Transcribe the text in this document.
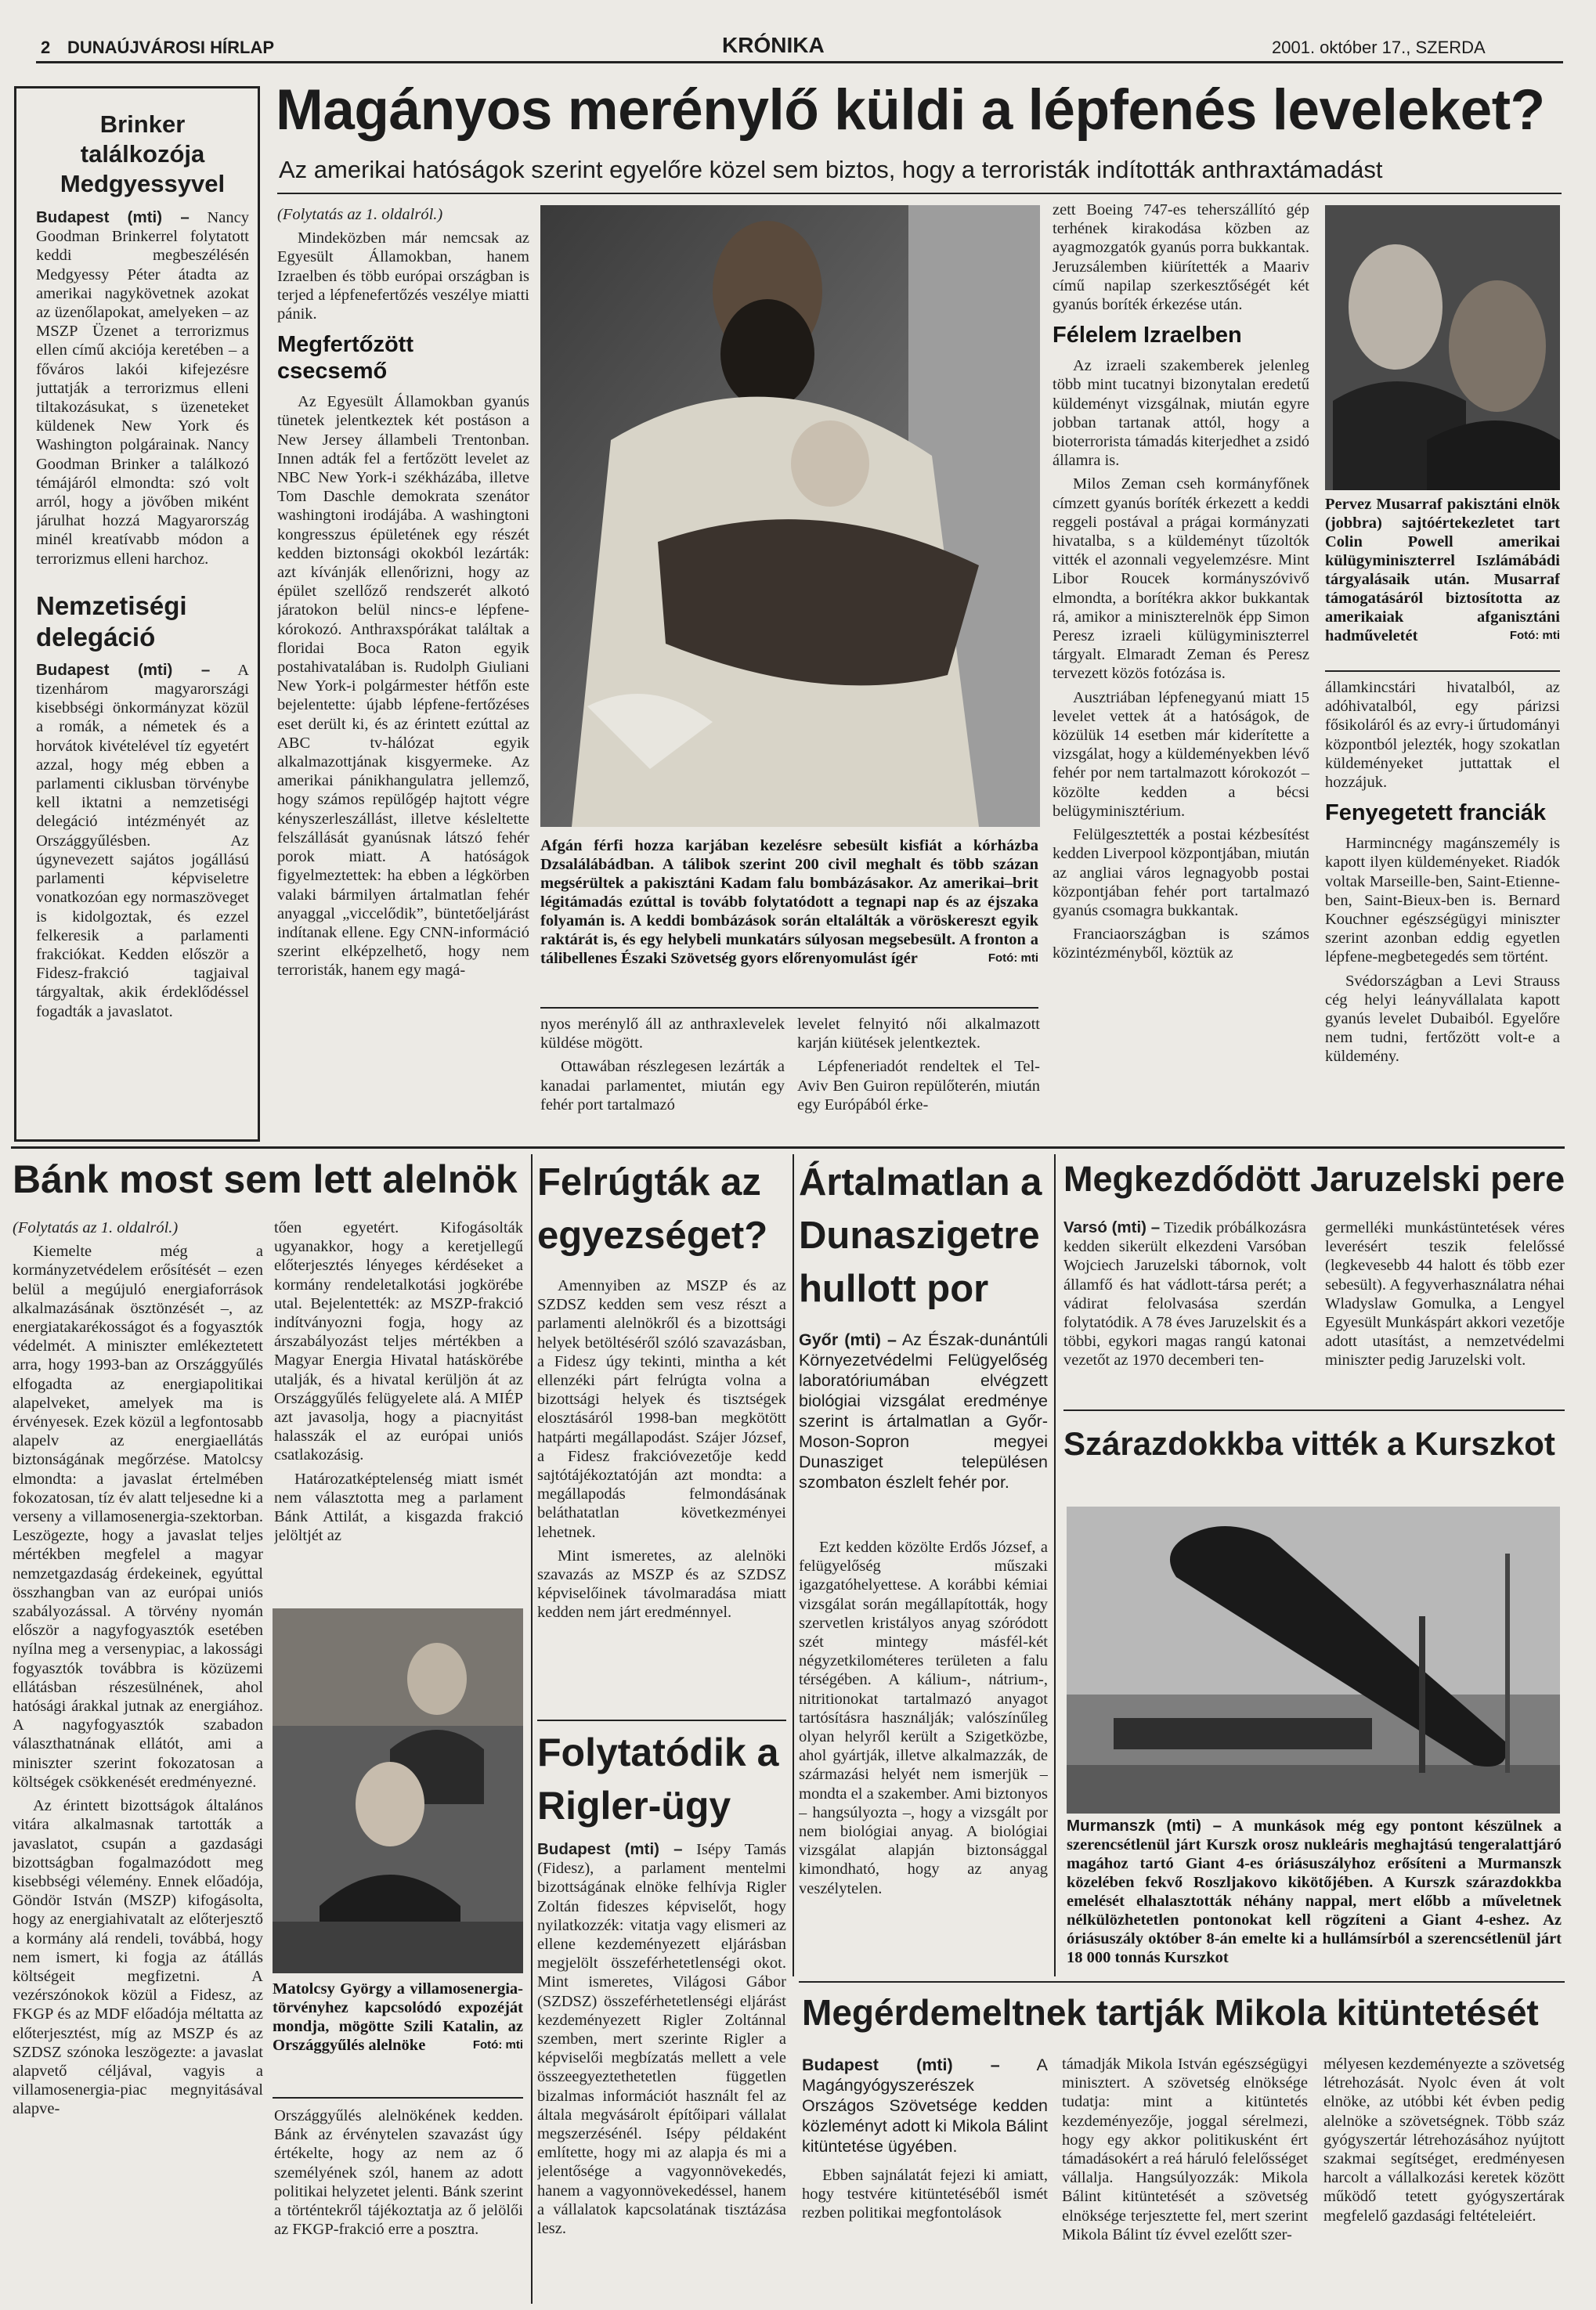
2 DUNAÚJVÁROSI HÍRLAP	KRÓNIKA	2001. október 17., SZERDA
Brinker találkozója Medgyessyvel

Budapest (mti) – Nancy Goodman Brinkerrel folytatott keddi megbeszélésén Medgyessy Péter átadta az amerikai nagykövetnek azokat az üzenőlapokat, amelyeken – az MSZP Üzenet a terrorizmus ellen című akciója keretében – a főváros lakói kifejezésre juttatják a terrorizmus elleni tiltakozásukat, s üzeneteket küldenek New York és Washington polgárainak. Nancy Goodman Brinker a találkozó témájáról elmondta: szó volt arról, hogy a jövőben miként járulhat hozzá Magyarország minél kreatívabb módon a terrorizmus elleni harchoz.

Nemzetiségi delegáció

Budapest (mti) – A tizenhárom magyarországi kisebbségi önkormányzat közül a romák, a németek és a horvátok kivételével tíz egyetért azzal, hogy még ebben a parlamenti ciklusban törvénybe kell iktatni a nemzetiségi delegáció intézményét az Országgyűlésben. Az úgynevezett sajátos jogállású parlamenti képviseletre vonatkozóan egy normaszöveget is kidolgoztak, és ezzel felkeresik a parlamenti frakciókat. Kedden először a Fidesz-frakció tagjaival tárgyaltak, akik érdeklődéssel fogadták a javaslatot.

Magányos merénylő küldi a lépfenés leveleket?
Az amerikai hatóságok szerint egyelőre közel sem biztos, hogy a terroristák indították anthraxtámadást

(Folytatás az 1. oldalról.)

Mindeközben már nemcsak az Egyesült Államokban, hanem Izraelben és több európai országban is terjed a lépfenefertőzés veszélye miatti pánik.

Megfertőzött csecsemő

Az Egyesült Államokban gyanús tünetek jelentkeztek két postáson a New Jersey állambeli Trentonban. Innen adták fel a fertőzött levelet az NBC New York-i székházába, illetve Tom Daschle demokrata szenátor washingtoni irodájába. A washingtoni kongresszus épületének egy részét kedden biztonsági okokból lezárták: azt kívánják ellenőrizni, hogy az épület szellőző rendszerét alkotó járatokon belül nincs-e lépfene-kórokozó. Anthraxspórákat találtak a floridai Boca Raton egyik postahivatalában is. Rudolph Giuliani New York-i polgármester hétfőn este bejelentette: újabb lépfene-fertőzéses eset derült ki, és az érintett ezúttal az ABC tv-hálózat egyik alkalmazottjának kisgyermeke. Az amerikai pánikhangulatra jellemző, hogy számos repülőgép hajtott végre kényszerleszállást, illetve késleltette felszállását gyanúsnak látszó fehér porok miatt. A hatóságok figyelmeztettek: ha ebben a légkörben valaki bármilyen ártalmatlan fehér anyaggal „viccelődik”, büntetőeljárást indítanak ellene. Egy CNN-információ szerint elképzelhető, hogy nem terroristák, hanem egy magá-

Afgán férfi hozza karjában kezelésre sebesült kisfiát a kórházba Dzsalálábádban. A tálibok szerint 200 civil meghalt és több százan megsérültek a pakisztáni Kadam falu bombázásakor. Az amerikai–brit légitámadás ezúttal is tovább folytatódott a tegnapi nap és az éjszaka folyamán is. A keddi bombázások során eltalálták a vöröskereszt egyik raktárát is, és egy helybeli munkatárs súlyosan megsebesült. A fronton a tálibellenes Északi Szövetség gyors előrenyomulást ígér	Fotó: mti

nyos merénylő áll az anthraxlevelek küldése mögött.

Ottawában részlegesen lezárták a kanadai parlamentet, miután egy fehér port tartalmazó

levelet felnyitó női alkalmazott karján kiütések jelentkeztek.

Lépfeneriadót rendeltek el Tel-Aviv Ben Guiron repülőterén, miután egy Európából érke-

zett Boeing 747-es teherszállító gép terhének kirakodása közben az ayagmozgatók gyanús porra bukkantak. Jeruzsálemben kiürítették a Maariv című napilap szerkesztőségét két gyanús boríték érkezése után.

Félelem Izraelben

Az izraeli szakemberek jelenleg több mint tucatnyi bizonytalan eredetű küldeményt vizsgálnak, miután egyre jobban tartanak attól, hogy a bioterrorista támadás kiterjedhet a zsidó államra is.

Milos Zeman cseh kormányfőnek címzett gyanús boríték érkezett a keddi reggeli postával a prágai kormányzati hivatalba, s a küldeményt tűzoltók vitték el azonnali vegyelemzésre. Mint Libor Roucek kormányszóvivő elmondta, a borítékra akkor bukkantak rá, amikor a miniszterelnök épp Simon Peresz izraeli külügyminiszterrel tárgyalt. Elmaradt Zeman és Peresz tervezett közös fotózása is.

Ausztriában lépfenegyanú miatt 15 levelet vettek át a hatóságok, de közülük 14 esetben már kiderítette a vizsgálat, hogy a küldeményekben lévő fehér por nem tartalmazott kórokozót – közölte kedden a bécsi belügyminisztérium.

Felülgesztették a postai kézbesítést kedden Liverpool központjában, miután az angliai város legnagyobb postai központjában fehér port tartalmazó gyanús csomagra bukkantak.

Franciaországban is számos közintézményből, köztük az

Pervez Musarraf pakisztáni elnök (jobbra) sajtóértekezletet tart Colin Powell amerikai külügyminiszterrel Iszlámábádi tárgyalásaik után. Musarraf támogatásáról biztosította az amerikaiak afganisztáni hadműveletét	Fotó: mti

államkincstári hivatalból, az adóhivatalból, egy párizsi fősikoláról és az evry-i űrtudományi központból jelezték, hogy szokatlan küldeményeket juttattak el hozzájuk.

Fenyegetett franciák

Harmincnégy magánszemély is kapott ilyen küldeményeket. Riadók voltak Marseille-ben, Saint-Etienne-ben, Saint-Bieux-ben is. Bernard Kouchner egészségügyi miniszter szerint azonban eddig egyetlen lépfene-megbetegedés sem történt.

Svédországban a Levi Strauss cég helyi leányvállalata kapott gyanús levelet Dubaiból. Egyelőre nem tudni, fertőzött volt-e a küldemény.

Bánk most sem lett alelnök

(Folytatás az 1. oldalról.)

Kiemelte még a kormányzetvédelem erősítését – ezen belül a megújuló energiaforrások alkalmazásának ösztönzését –, az energiatakarékosságot és a fogyasztók védelmét. A miniszter emlékeztetett arra, hogy 1993-ban az Országgyűlés elfogadta az energiapolitikai alapelveket, amelyek ma is érvényesek. Ezek közül a legfontosabb alapelv az energiaellátás biztonságának megőrzése. Matolcsy elmondta: a javaslat értelmében fokozatosan, tíz év alatt teljesedne ki a verseny a villamosenergia-szektorban. Leszögezte, hogy a javaslat teljes mértékben megfelel a magyar nemzetgazdaság érdekeinek, egyúttal összhangban van az európai uniós szabályozással. A törvény nyomán először a nagyfogyasztók esetében nyílna meg a versenypiac, a lakossági fogyasztók továbbra is közüzemi ellátásban részesülnének, ahol hatósági árakkal jutnak az energiához. A nagyfogyasztók szabadon választhatnának ellátót, ami a miniszter szerint fokozatosan a költségek csökkenését eredményezné.

Az érintett bizottságok általános vitára alkalmasnak tartották a javaslatot, csupán a gazdasági bizottságban fogalmazódott meg kisebbségi vélemény. Ennek előadója, Göndör István (MSZP) kifogásolta, hogy az energiahivatalt az előterjesztő a kormány alá rendeli, továbbá, hogy nem ismert, ki fogja az átállás költségeit megfizetni. A vezérszónokok közül a Fidesz, az FKGP és az MDF előadója méltatta az előterjesztést, míg az MSZP és az SZDSZ szónoka leszögezte: a javaslat alapvető céljával, vagyis a villamosenergia-piac megnyitásával alapve-

tően egyetért. Kifogásolták ugyanakkor, hogy a keretjellegű előterjesztés lényeges kérdéseket a kormány rendeletalkotási jogkörébe utal. Bejelentették: az MSZP-frakció indítványozni fogja, hogy az árszabályozást teljes mértékben a Magyar Energia Hivatal hatáskörébe utalják, és a hivatal kerüljön át az Országgyűlés felügyelete alá. A MIÉP azt javasolja, hogy a piacnyitást halasszák el az európai uniós csatlakozásig.

Határozatképtelenség miatt ismét nem választotta meg a parlament Bánk Attilát, a kisgazda frakció jelöltjét az

Matolcsy György a villamosenergia-törvényhez kapcsolódó expozéját mondja, mögötte Szili Katalin, az Országgyűlés alelnöke	Fotó: mti

Országgyűlés alelnökének kedden. Bánk az érvénytelen szavazást úgy értékelte, hogy az nem az ő személyének szól, hanem az adott politikai helyzetet jelenti. Bánk szerint a történtekről tájékoztatja az ő jelölői az FKGP-frakció erre a posztra.

Felrúgták az egyezséget?

Amennyiben az MSZP és az SZDSZ kedden sem vesz részt a parlamenti alelnökről és a bizottsági helyek betöltéséről szóló szavazásban, a Fidesz úgy tekinti, mintha a két ellenzéki párt felrúgta volna a bizottsági helyek és tisztségek elosztásáról 1998-ban megkötött hatpárti megállapodást. Szájer József, a Fidesz frakcióvezetője kedd sajtótájékoztatóján azt mondta: a megállapodás felmondásának beláthatatlan következményei lehetnek.

Mint ismeretes, az alelnöki szavazás az MSZP és az SZDSZ képviselőinek távolmaradása miatt kedden nem járt eredménnyel.

Folytatódik a Rigler-ügy

Budapest (mti) – Isépy Tamás (Fidesz), a parlament mentelmi bizottságának elnöke felhívja Rigler Zoltán fideszes képviselőt, hogy nyilatkozzék: vitatja vagy elismeri az ellene kezdeményezett eljárásban megjelölt összeférhetetlenségi okot. Mint ismeretes, Világosi Gábor (SZDSZ) összeférhetetlenségi eljárást kezdeményezett Rigler Zoltánnal szemben, mert szerinte Rigler a képviselői megbízatás mellett a vele összeegyeztethetetlen független bizalmas információt használt fel az általa megvásárolt építőipari vállalat megszerzésénél. Isépy példaként említette, hogy mi az alapja és mi a jelentősége a vagyonnövekedés, hanem a vagyonnövekedéssel, hanem a vállalatok kapcsolatának tisztázása lesz.

Ártalmatlan a Dunaszigetre hullott por
Győr (mti) – Az Észak-dunántúli Környezetvédelmi Felügyelőség laboratóriumában elvégzett biológiai vizsgálat eredménye szerint is ártalmatlan a Győr-Moson-Sopron megyei Dunasziget településen szombaton észlelt fehér por.

Ezt kedden közölte Erdős József, a felügyelőség műszaki igazgatóhelyettese. A korábbi kémiai vizsgálat során megállapították, hogy szervetlen kristályos anyag szóródott szét mintegy másfél-két négyzetkilométeres területen a falu térségében. A kálium-, nátrium-, nitritionokat tartalmazó anyagot tartósításra használják; valószínűleg olyan helyről került a Szigetközbe, ahol gyártják, illetve alkalmazzák, de származási helyét nem ismerjük – mondta el a szakember. Ami biztonyos – hangsúlyozta –, hogy a vizsgált por nem biológiai anyag. A biológiai vizsgálat alapján biztonsággal kimondható, hogy az anyag veszélytelen.

Megkezdődött Jaruzelski pere

Varsó (mti) – Tizedik próbálkozásra kedden sikerült elkezdeni Varsóban Wojciech Jaruzelski tábornok, volt államfő és hat vádlott-társa perét; a vádirat felolvasása szerdán folytatódik. A 78 éves Jaruzelskit és a többi, egykori magas rangú katonai vezetőt az 1970 decemberi ten-

germelléki munkástüntetések véres leverésért teszik felelőssé (legkevesebb 44 halott és több ezer sebesült). A fegyverhasználatra néhai Wladyslaw Gomulka, a Lengyel Egyesült Munkáspárt akkori vezetője adott utasítást, a nemzetvédelmi miniszter pedig Jaruzelski volt.

Szárazdokkba vitték a Kurszkot
Murmanszk (mti) – A munkások még egy pontont készülnek a szerencsétlenül járt Kurszk orosz nukleáris meghajtású tengeralattjáró magához tartó Giant 4-es óriásuszályhoz erősíteni a Murmanszk közelében fekvő Roszljakovo kikötőjében. A Kurszk szárazdokkba emelését elhalasztották néhány nappal, mert előbb a műveletnek nélkülözhetetlen pontonokat kell rögzíteni a Giant 4-eshez. Az óriásuszály október 8-án emelte ki a hullámsírból a szerencsétlenül járt 18 000 tonnás Kurszkot
Megérdemeltnek tartják Mikola kitüntetését
Budapest (mti) – A Magángyógyszerészek Országos Szövetsége kedden közleményt adott ki Mikola Bálint kitüntetése ügyében.

Ebben sajnálatát fejezi ki amiatt, hogy testvére kitüntetéséből ismét rezben politikai megfontolások

támadják Mikola István egészségügyi minisztert. A szövetség elnöksége tudatja: mint a kitüntetés kezdeményezője, joggal sérelmezi, hogy egy akkor politikusként ért támadásokért a reá háruló felelősséget vállalja. Hangsúlyozzák: Mikola Bálint kitüntetését a szövetség elnöksége terjesztette fel, mert szerint Mikola Bálint tíz évvel ezelőtt szer-

mélyesen kezdeményezte a szövetség létrehozását. Nyolc éven át volt elnöke, az utóbbi két évben pedig alelnöke a szövetségnek. Több száz gyógyszertár létrehozásához nyújtott szakmai segítséget, eredményesen harcolt a vállalkozási keretek között működő tetett gyógyszertárak megfelelő gazdasági feltételeiért.
